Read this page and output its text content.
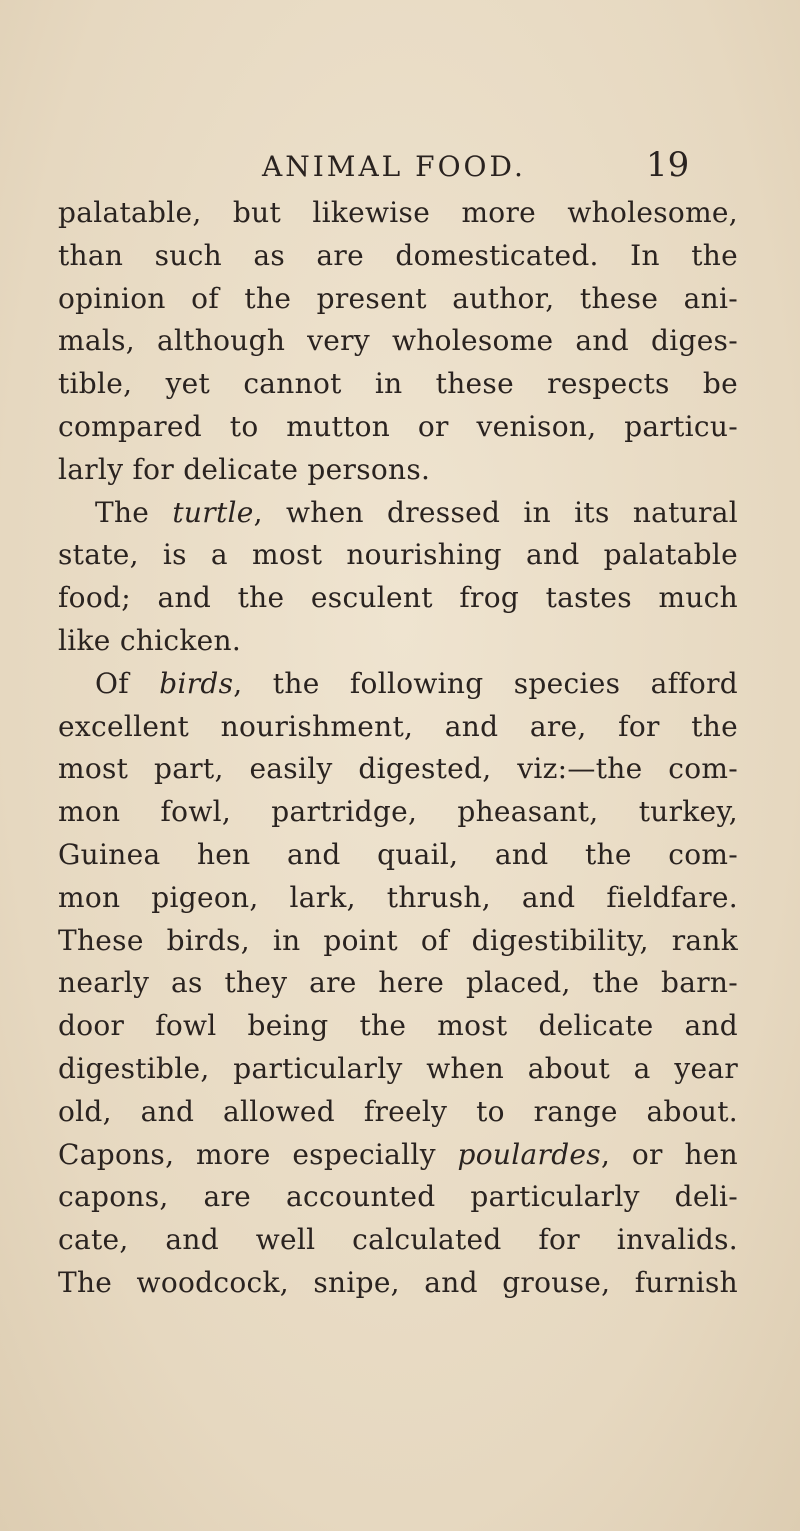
ANIMAL FOOD.	19
palatable, but likewise more wholesome,
than such as are domesticated. In the
opinion of the present author, these ani-
mals, although very wholesome and diges-
tible, yet cannot in these respects be
compared to mutton or venison, particu-
larly for delicate persons.
The turtle, when dressed in its natural
state, is a most nourishing and palatable
food; and the esculent frog tastes much
like chicken.
Of birds, the following species afford
excellent nourishment, and are, for the
most part, easily digested, viz:—the com-
mon fowl, partridge, pheasant, turkey,
Guinea hen and quail, and the com-
mon pigeon, lark, thrush, and fieldfare.
These birds, in point of digestibility, rank
nearly as they are here placed, the barn-
door fowl being the most delicate and
digestible, particularly when about a year
old, and allowed freely to range about.
Capons, more especially poulardes, or hen
capons, are accounted particularly deli-
cate, and well calculated for invalids.
The woodcock, snipe, and grouse, furnish
